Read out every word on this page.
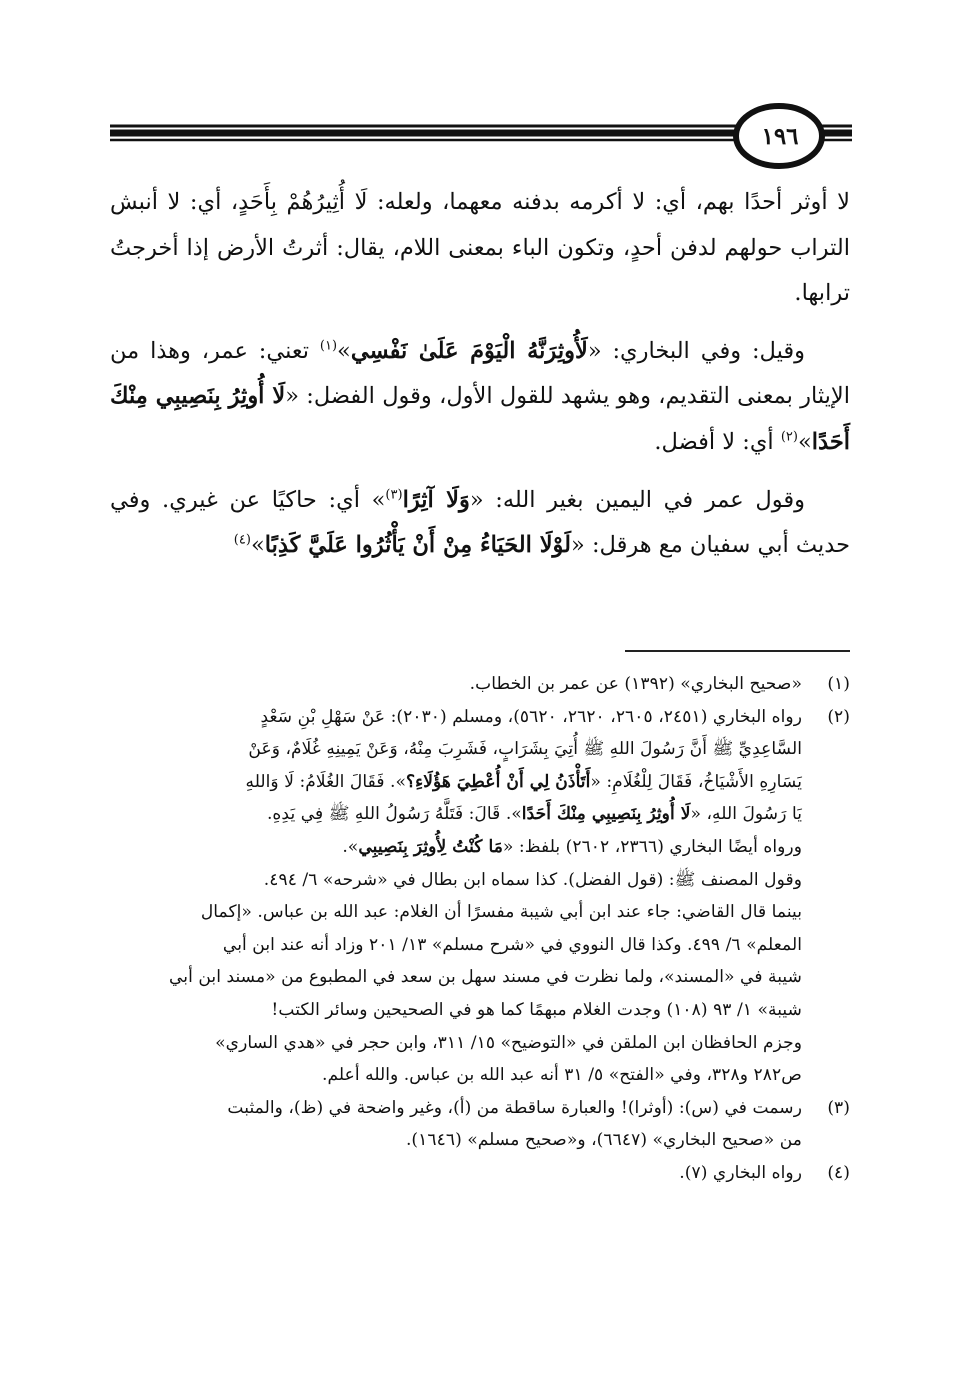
١٩٦

لا أوثر أحدًا بهم، أي: لا أكرمه بدفنه معهما، ولعله: لَا أُثِيرُهُمْ بِأَحَدٍ، أي: لا أنبش التراب حولهم لدفن أحدٍ، وتكون الباء بمعنى اللام، يقال: أثرتُ الأرض إذا أخرجتُ ترابها.

وقيل: وفي البخاري: «لَأُوثِرَنَّهُ الْيَوْمَ عَلَىٰ نَفْسِي»$^{(١)}$ تعني: عمر، وهذا من الإيثار بمعنى التقديم، وهو يشهد للقول الأول، وقول الفضل: «لَا أُوثِرُ بِنَصِيبِي مِنْكَ أَحَدًا»$^{(٢)}$ أي: لا أفضل.

وقول عمر في اليمين بغير الله: «وَلَا آثِرًا$^{(٣)}$» أي: حاكيًا عن غيري. وفي حديث أبي سفيان مع هرقل: «لَوْلَا الحَيَاءُ مِنْ أَنْ يَأْثُرُوا عَلَيَّ كَذِبًا»$^{(٤)}$

(١)
«صحيح البخاري» (١٣٩٢) عن عمر بن الخطاب.
(٢)
رواه البخاري (٢٤٥١، ٢٦٠٥، ٢٦٢٠، ٥٦٢٠)، ومسلم (٢٠٣٠): عَنْ سَهْلِ بْنِ سَعْدٍ
السَّاعِدِيِّ ﷺ أَنَّ رَسُولَ اللهِ ﷺ أُتِيَ بِشَرَابٍ، فَشَرِبَ مِنْهُ، وَعَنْ يَمِينِهِ غُلَامٌ، وَعَنْ
يَسَارِهِ الأَشْيَاخُ، فَقَالَ لِلْغُلَامِ: «أَتَأْذَنُ لِي أَنْ أُعْطِيَ هَؤُلَاءِ؟». فَقَالَ الغُلَامُ: لَا وَاللهِ
يَا رَسُولَ اللهِ، «لَا أُوثِرُ بِنَصِيبِي مِنْكَ أَحَدًا». قَالَ: فَتَلَّهُ رَسُولُ اللهِ ﷺ فِي يَدِهِ.
ورواه أيضًا البخاري (٢٣٦٦، ٢٦٠٢) بلفظ: «مَا كُنْتُ لِأُوثِرَ بِنَصِيبِي».
وقول المصنف ﷺ: (قول الفضل). كذا سماه ابن بطال في «شرحه» ٦/ ٤٩٤.
بينما قال القاضي: جاء عند ابن أبي شيبة مفسرًا أن الغلام: عبد الله بن عباس. «إكمال
المعلم» ٦/ ٤٩٩. وكذا قال النووي في «شرح مسلم» ١٣/ ٢٠١ وزاد أنه عند ابن أبي
شيبة في «المسند»، ولما نظرت في مسند سهل بن سعد في المطبوع من «مسند ابن أبي
شيبة» ١/ ٩٣ (١٠٨) وجدت الغلام مبهمًا كما هو في الصحيحين وسائر الكتب!
وجزم الحافظان ابن الملقن في «التوضيح» ١٥/ ٣١١، وابن حجر في «هدي الساري»
ص٢٨٢ و٣٢٨، وفي «الفتح» ٥/ ٣١ أنه عبد الله بن عباس. والله أعلم.
(٣)
رسمت في (س): (أوثرا)! والعبارة ساقطة من (أ)، وغير واضحة في (ظ)، والمثبت
من «صحيح البخاري» (٦٦٤٧)، و«صحيح مسلم» (١٦٤٦).
(٤)
رواه البخاري (٧).
